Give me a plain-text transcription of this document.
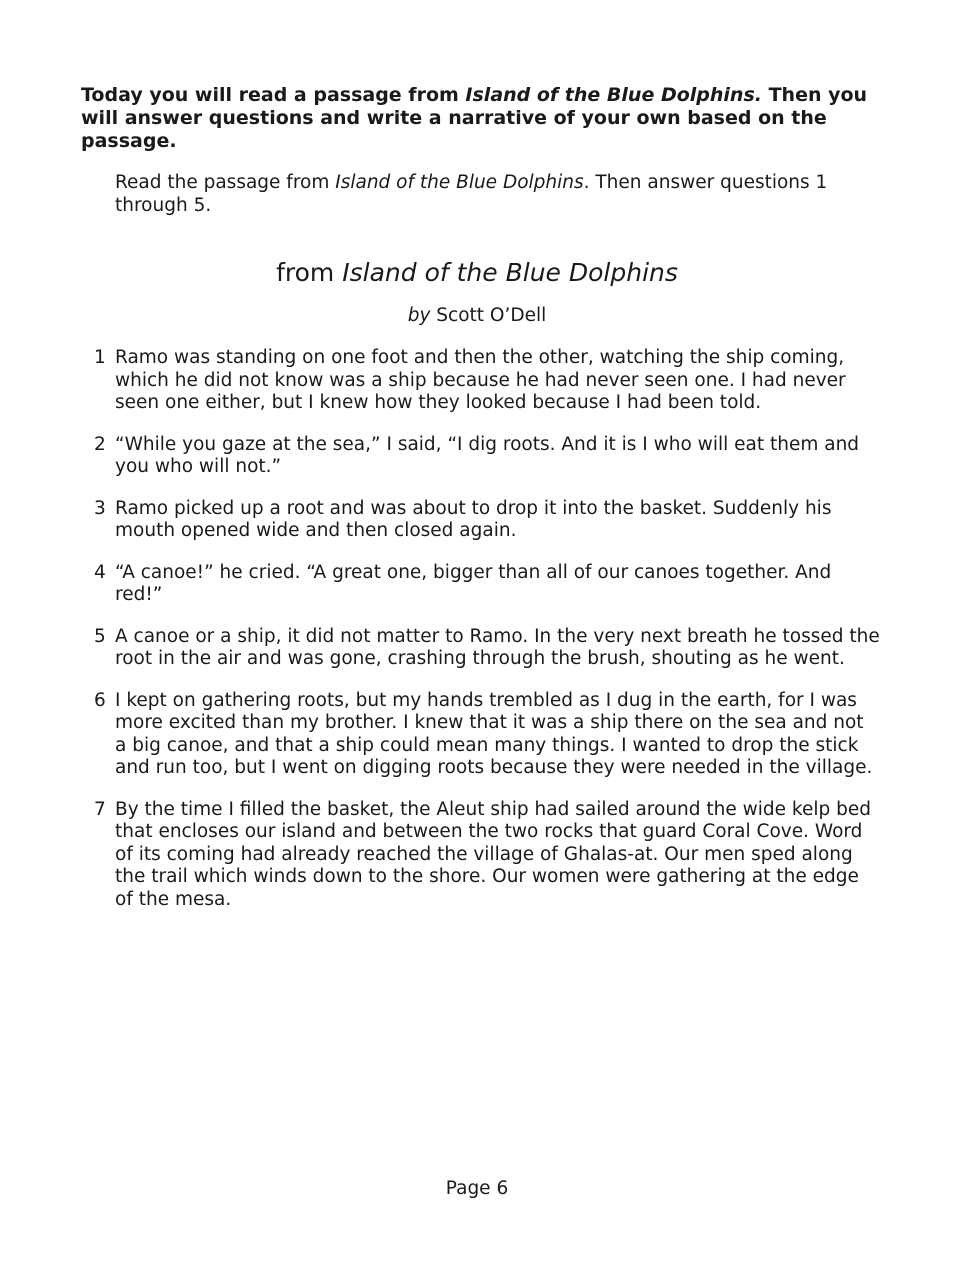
Today you will read a passage from Island of the Blue Dolphins. Then you will answer questions and write a narrative of your own based on the passage.
Read the passage from Island of the Blue Dolphins. Then answer questions 1 through 5.
from Island of the Blue Dolphins
by Scott O’Dell
1 Ramo was standing on one foot and then the other, watching the ship coming, which he did not know was a ship because he had never seen one. I had never seen one either, but I knew how they looked because I had been told.
2 “While you gaze at the sea,” I said, “I dig roots. And it is I who will eat them and you who will not.”
3 Ramo picked up a root and was about to drop it into the basket. Suddenly his mouth opened wide and then closed again.
4 “A canoe!” he cried. “A great one, bigger than all of our canoes together. And red!”
5 A canoe or a ship, it did not matter to Ramo. In the very next breath he tossed the root in the air and was gone, crashing through the brush, shouting as he went.
6 I kept on gathering roots, but my hands trembled as I dug in the earth, for I was more excited than my brother. I knew that it was a ship there on the sea and not a big canoe, and that a ship could mean many things. I wanted to drop the stick and run too, but I went on digging roots because they were needed in the village.
7 By the time I filled the basket, the Aleut ship had sailed around the wide kelp bed that encloses our island and between the two rocks that guard Coral Cove. Word of its coming had already reached the village of Ghalas-at. Our men sped along the trail which winds down to the shore. Our women were gathering at the edge of the mesa.
Page 6
